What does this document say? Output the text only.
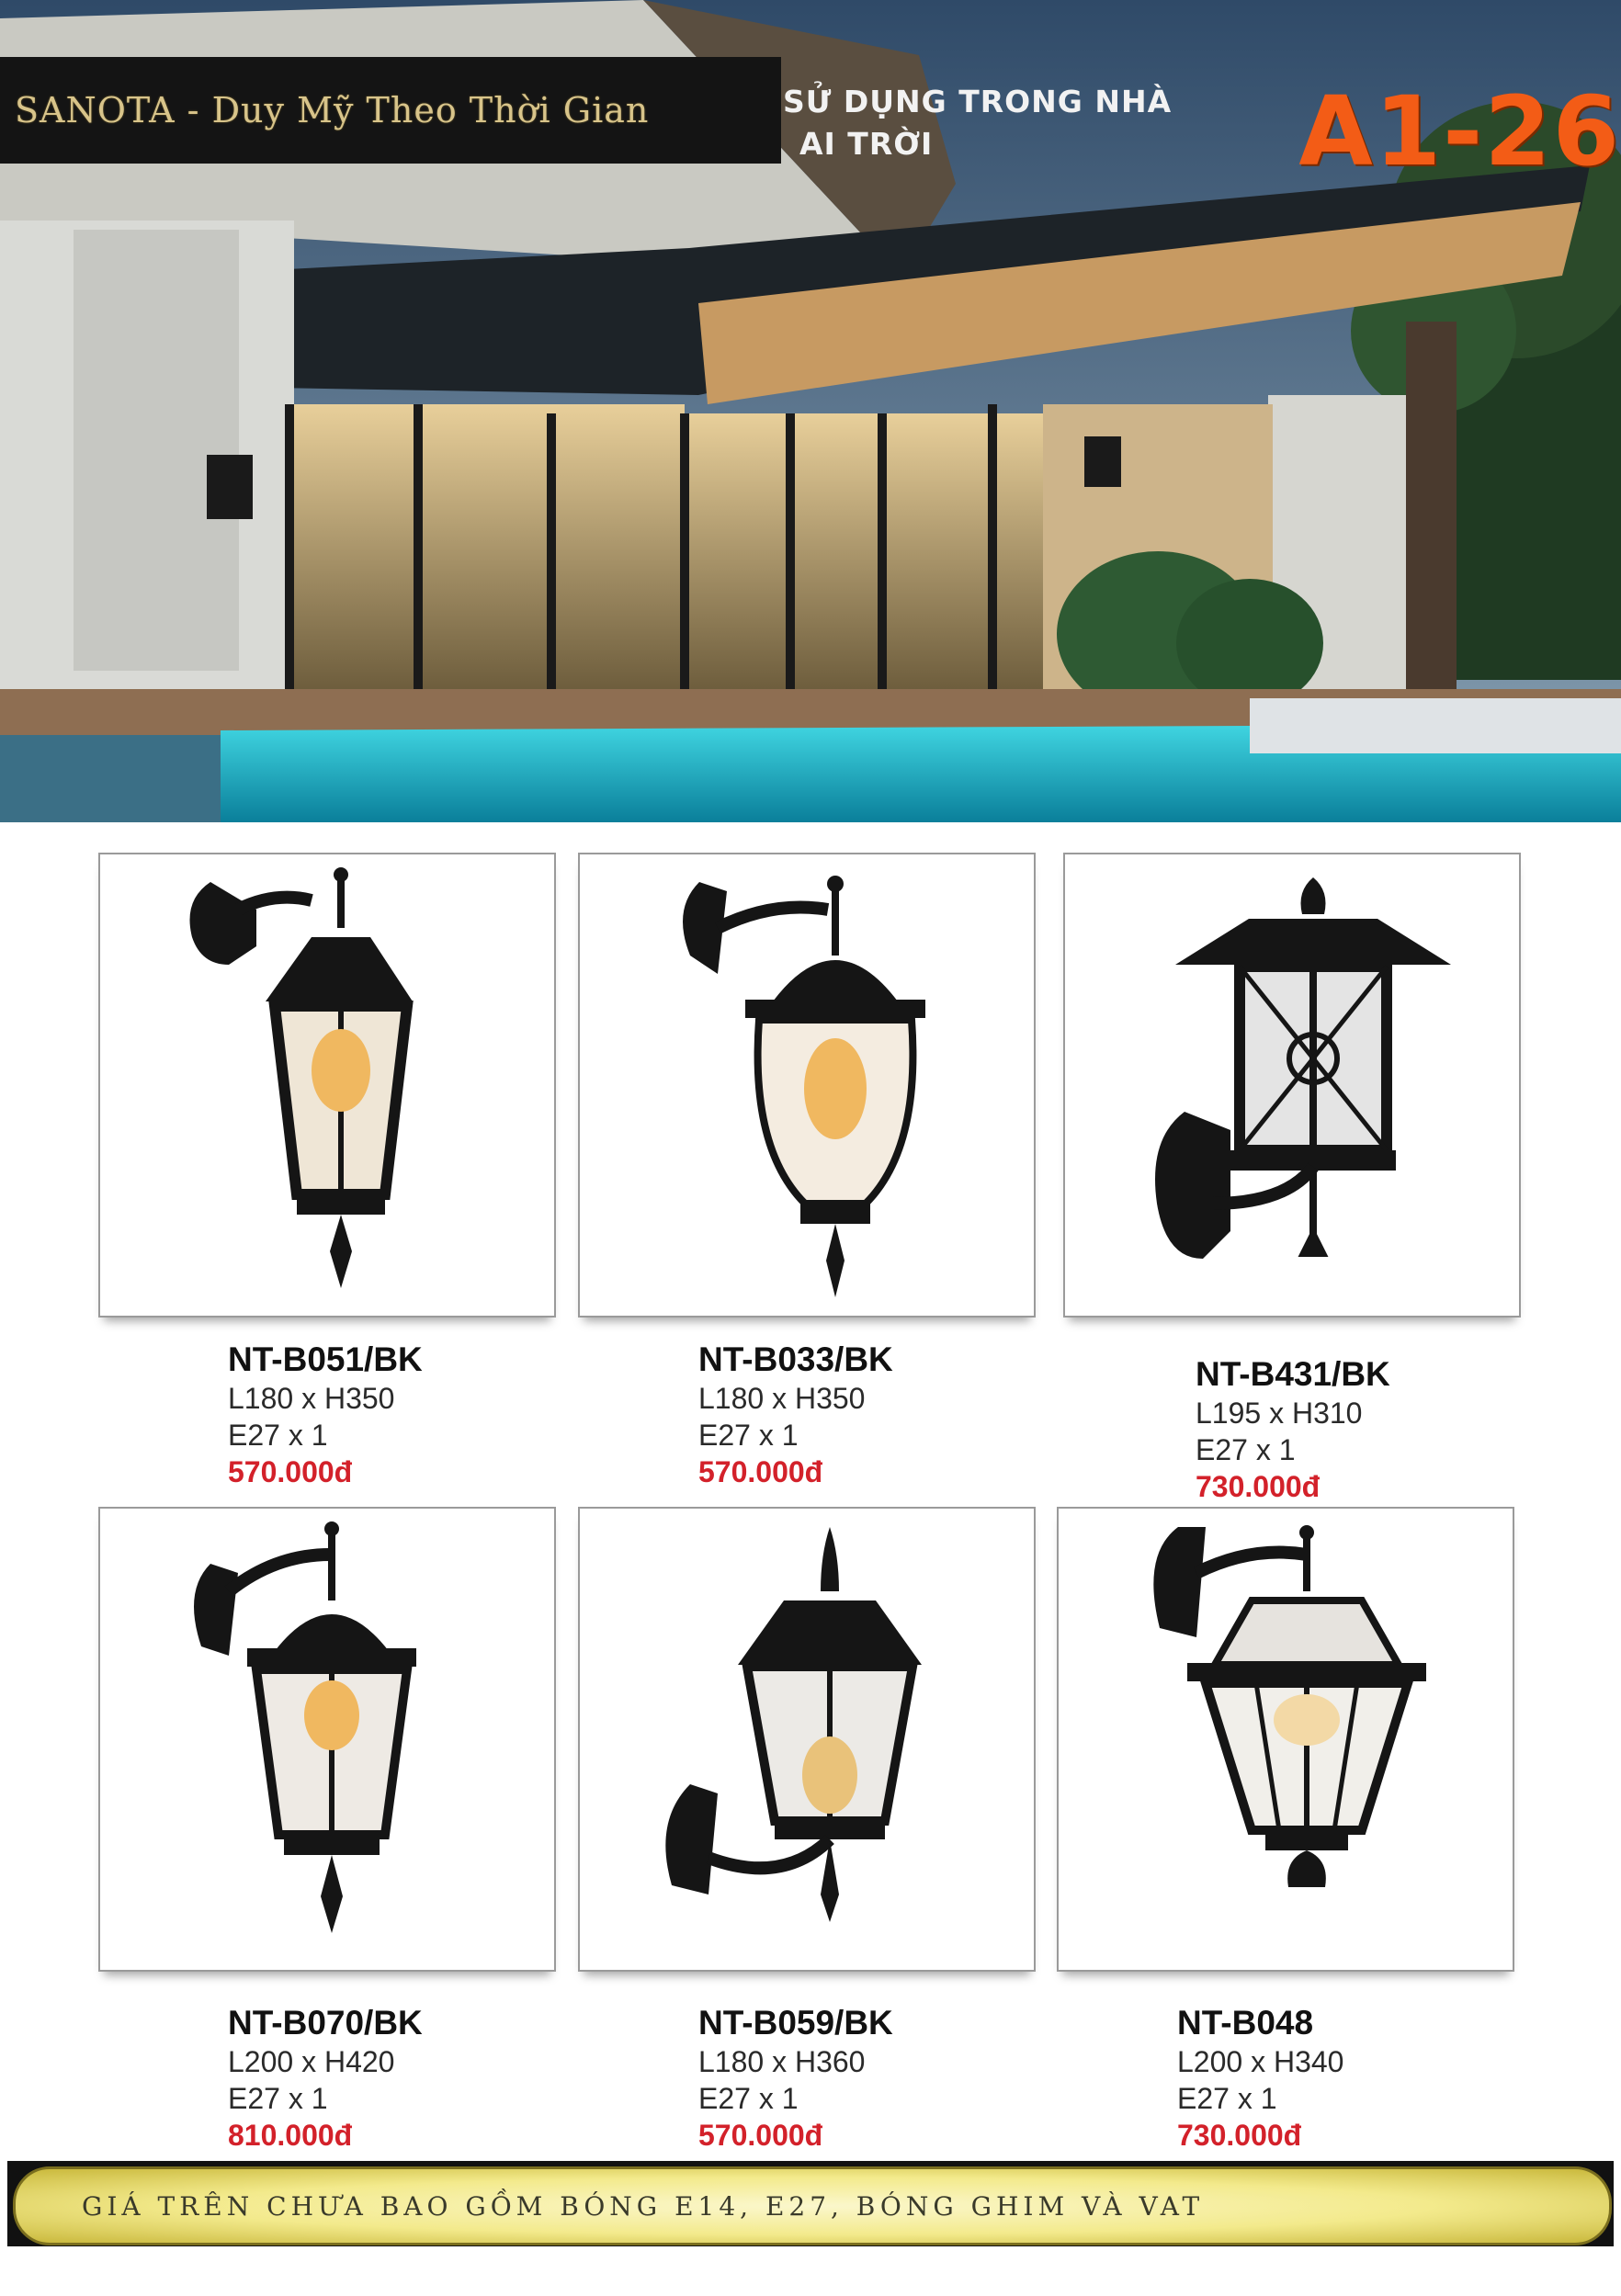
SANOTA - Duy Mỹ Theo Thời Gian	SỬ DỤNG TRONG NHÀ
AI TRỜI	A1-26
NT-B051/BK
L180 x H350
E27 x 1
570.000đ
NT-B033/BK
L180 x H350
E27 x 1
570.000đ
NT-B431/BK
L195 x H310
E27 x 1
730.000đ
NT-B070/BK
L200 x H420
E27 x 1
810.000đ
NT-B059/BK
L180 x H360
E27 x 1
570.000đ
NT-B048
L200 x H340
E27 x 1
730.000đ
GIÁ TRÊN CHƯA BAO GỒM BÓNG E14, E27, BÓNG GHIM VÀ VAT
